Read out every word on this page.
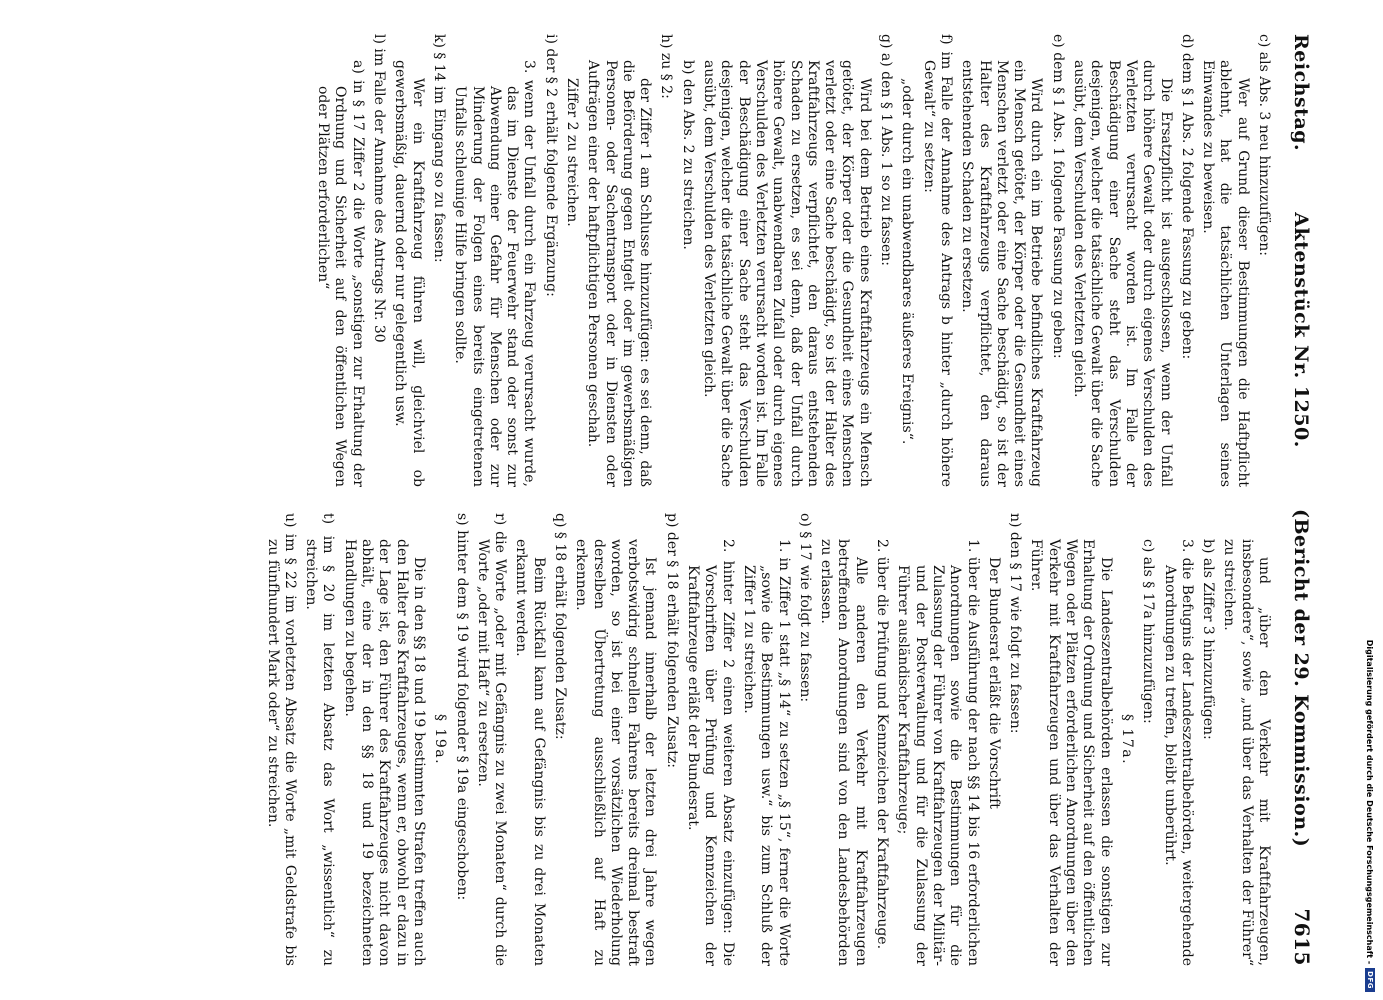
Digitalisierung gefördert durch die Deutsche Forschungsgemeinschaft -
DFG
Reichstag.
Aktenstück Nr. 1250.
(Bericht der 29. Kommission.)
7615

c) als Abs. 3 neu hinzuzufügen:

Wer auf Grund dieser Bestimmungen die Haftpflicht ablehnt, hat die tatsächlichen Unterlagen seines Einwandes zu beweisen.

d) dem § 1 Abs. 2 folgende Fassung zu geben:

Die Ersatzpflicht ist ausgeschlossen, wenn der Unfall durch höhere Gewalt oder durch eigenes Verschulden des Verletzten verursacht worden ist. Im Falle der Beschädigung einer Sache steht das Verschulden desjenigen, welcher die tatsächliche Gewalt über die Sache ausübt, dem Verschulden des Verletzten gleich.

e) dem § 1 Abs. 1 folgende Fassung zu geben:

Wird durch ein im Betriebe befindliches Kraftfahrzeug ein Mensch getötet, der Körper oder die Gesundheit eines Menschen verletzt oder eine Sache beschädigt, so ist der Halter des Kraftfahrzeugs verpflichtet, den daraus entstehenden Schaden zu ersetzen.

f) im Falle der Annahme des Antrags b hinter „durch höhere Gewalt“ zu setzen:

„oder durch ein unabwendbares äußeres Ereignis“.

g) a) den § 1 Abs. 1 so zu fassen:

Wird bei dem Betrieb eines Kraftfahrzeugs ein Mensch getötet, der Körper oder die Gesundheit eines Menschen verletzt oder eine Sache beschädigt, so ist der Halter des Kraftfahrzeugs verpflichtet, den daraus entstehenden Schaden zu ersetzen, es sei denn, daß der Unfall durch höhere Gewalt, unabwendbaren Zufall oder durch eigenes Verschulden des Verletzten verursacht worden ist. Im Falle der Beschädigung einer Sache steht das Verschulden desjenigen, welcher die tatsächliche Gewalt über die Sache ausübt, dem Verschulden des Verletzten gleich.

b) den Abs. 2 zu streichen.

h) zu § 2:

der Ziffer 1 am Schlusse hinzuzufügen: es sei denn, daß die Beförderung gegen Entgelt oder im gewerbsmäßigen Personen- oder Sachentransport oder in Diensten oder Aufträgen einer der haftpflichtigen Personen geschah.

Ziffer 2 zu streichen.

i) der § 2 erhält folgende Ergänzung:

3. wenn der Unfall durch ein Fahrzeug verursacht wurde, das im Dienste der Feuerwehr stand oder sonst zur Abwendung einer Gefahr für Menschen oder zur Minderung der Folgen eines bereits eingetretenen Unfalls schleunige Hilfe bringen sollte.

k) § 14 im Eingang so zu fassen:

Wer ein Kraftfahrzeug führen will, gleichviel ob gewerbsmäßig, dauernd oder nur gelegentlich usw.

l) im Falle der Annahme des Antrags Nr. 30

a) in § 17 Ziffer 2 die Worte „sonstigen zur Erhaltung der Ordnung und Sicherheit auf den öffentlichen Wegen oder Plätzen erforderlichen“

und „über den Verkehr mit Kraftfahrzeugen, insbesondere“, sowie „und über das Verhalten der Führer“ zu streichen.

b) als Ziffer 3 hinzuzufügen:

3. die Befugnis der Landeszentralbehörden, weitergehende Anordnungen zu treffen, bleibt unberührt.

c) als § 17a hinzuzufügen:

§ 17a.

Die Landeszentralbehörden erlassen die sonstigen zur Erhaltung der Ordnung und Sicherheit auf den öffentlichen Wegen oder Plätzen erforderlichen Anordnungen über den Verkehr mit Kraftfahrzeugen und über das Verhalten der Führer.

n) den § 17 wie folgt zu fassen:

Der Bundesrat erläßt die Vorschrift

1. über die Ausführung der nach §§ 14 bis 16 erforderlichen Anordnungen sowie die Bestimmungen für die Zulassung der Führer von Kraftfahrzeugen der Militär- und der Postverwaltung und für die Zulassung der Führer ausländischer Kraftfahrzeuge;

2. über die Prüfung und Kennzeichen der Kraftfahrzeuge.

Alle anderen den Verkehr mit Kraftfahrzeugen betreffenden Anordnungen sind von den Landesbehörden zu erlassen.

o) § 17 wie folgt zu fassen:

1. in Ziffer 1 statt „§ 14“ zu setzen „§ 15“, ferner die Worte „sowie die Bestimmungen usw.“ bis zum Schluß der Ziffer 1 zu streichen.

2. hinter Ziffer 2 einen weiteren Absatz einzufügen: Die Vorschriften über Prüfung und Kennzeichen der Kraftfahrzeuge erläßt der Bundesrat.

p) der § 18 erhält folgenden Zusatz:

Ist jemand innerhalb der letzten drei Jahre wegen verbotswidrig schnellen Fahrens bereits dreimal bestraft worden, so ist bei einer vorsätzlichen Wiederholung derselben Übertretung ausschließlich auf Haft zu erkennen.

q) § 18 erhält folgenden Zusatz:

Beim Rückfall kann auf Gefängnis bis zu drei Monaten erkannt werden.

r) die Worte „oder mit Gefängnis zu zwei Monaten“ durch die Worte „oder mit Haft“ zu ersetzen.

s) hinter dem § 19 wird folgender § 19a eingeschoben:

§ 19a.

Die in den §§ 18 und 19 bestimmten Strafen treffen auch den Halter des Kraftfahrzeuges, wenn er, obwohl er dazu in der Lage ist, den Führer des Kraftfahrzeuges nicht davon abhält, eine der in den §§ 18 und 19 bezeichneten Handlungen zu begehen.

t) im § 20 im letzten Absatz das Wort „wissentlich“ zu streichen.

u) im § 22 im vorletzten Absatz die Worte „mit Geldstrafe bis zu fünfhundert Mark oder“ zu streichen.
